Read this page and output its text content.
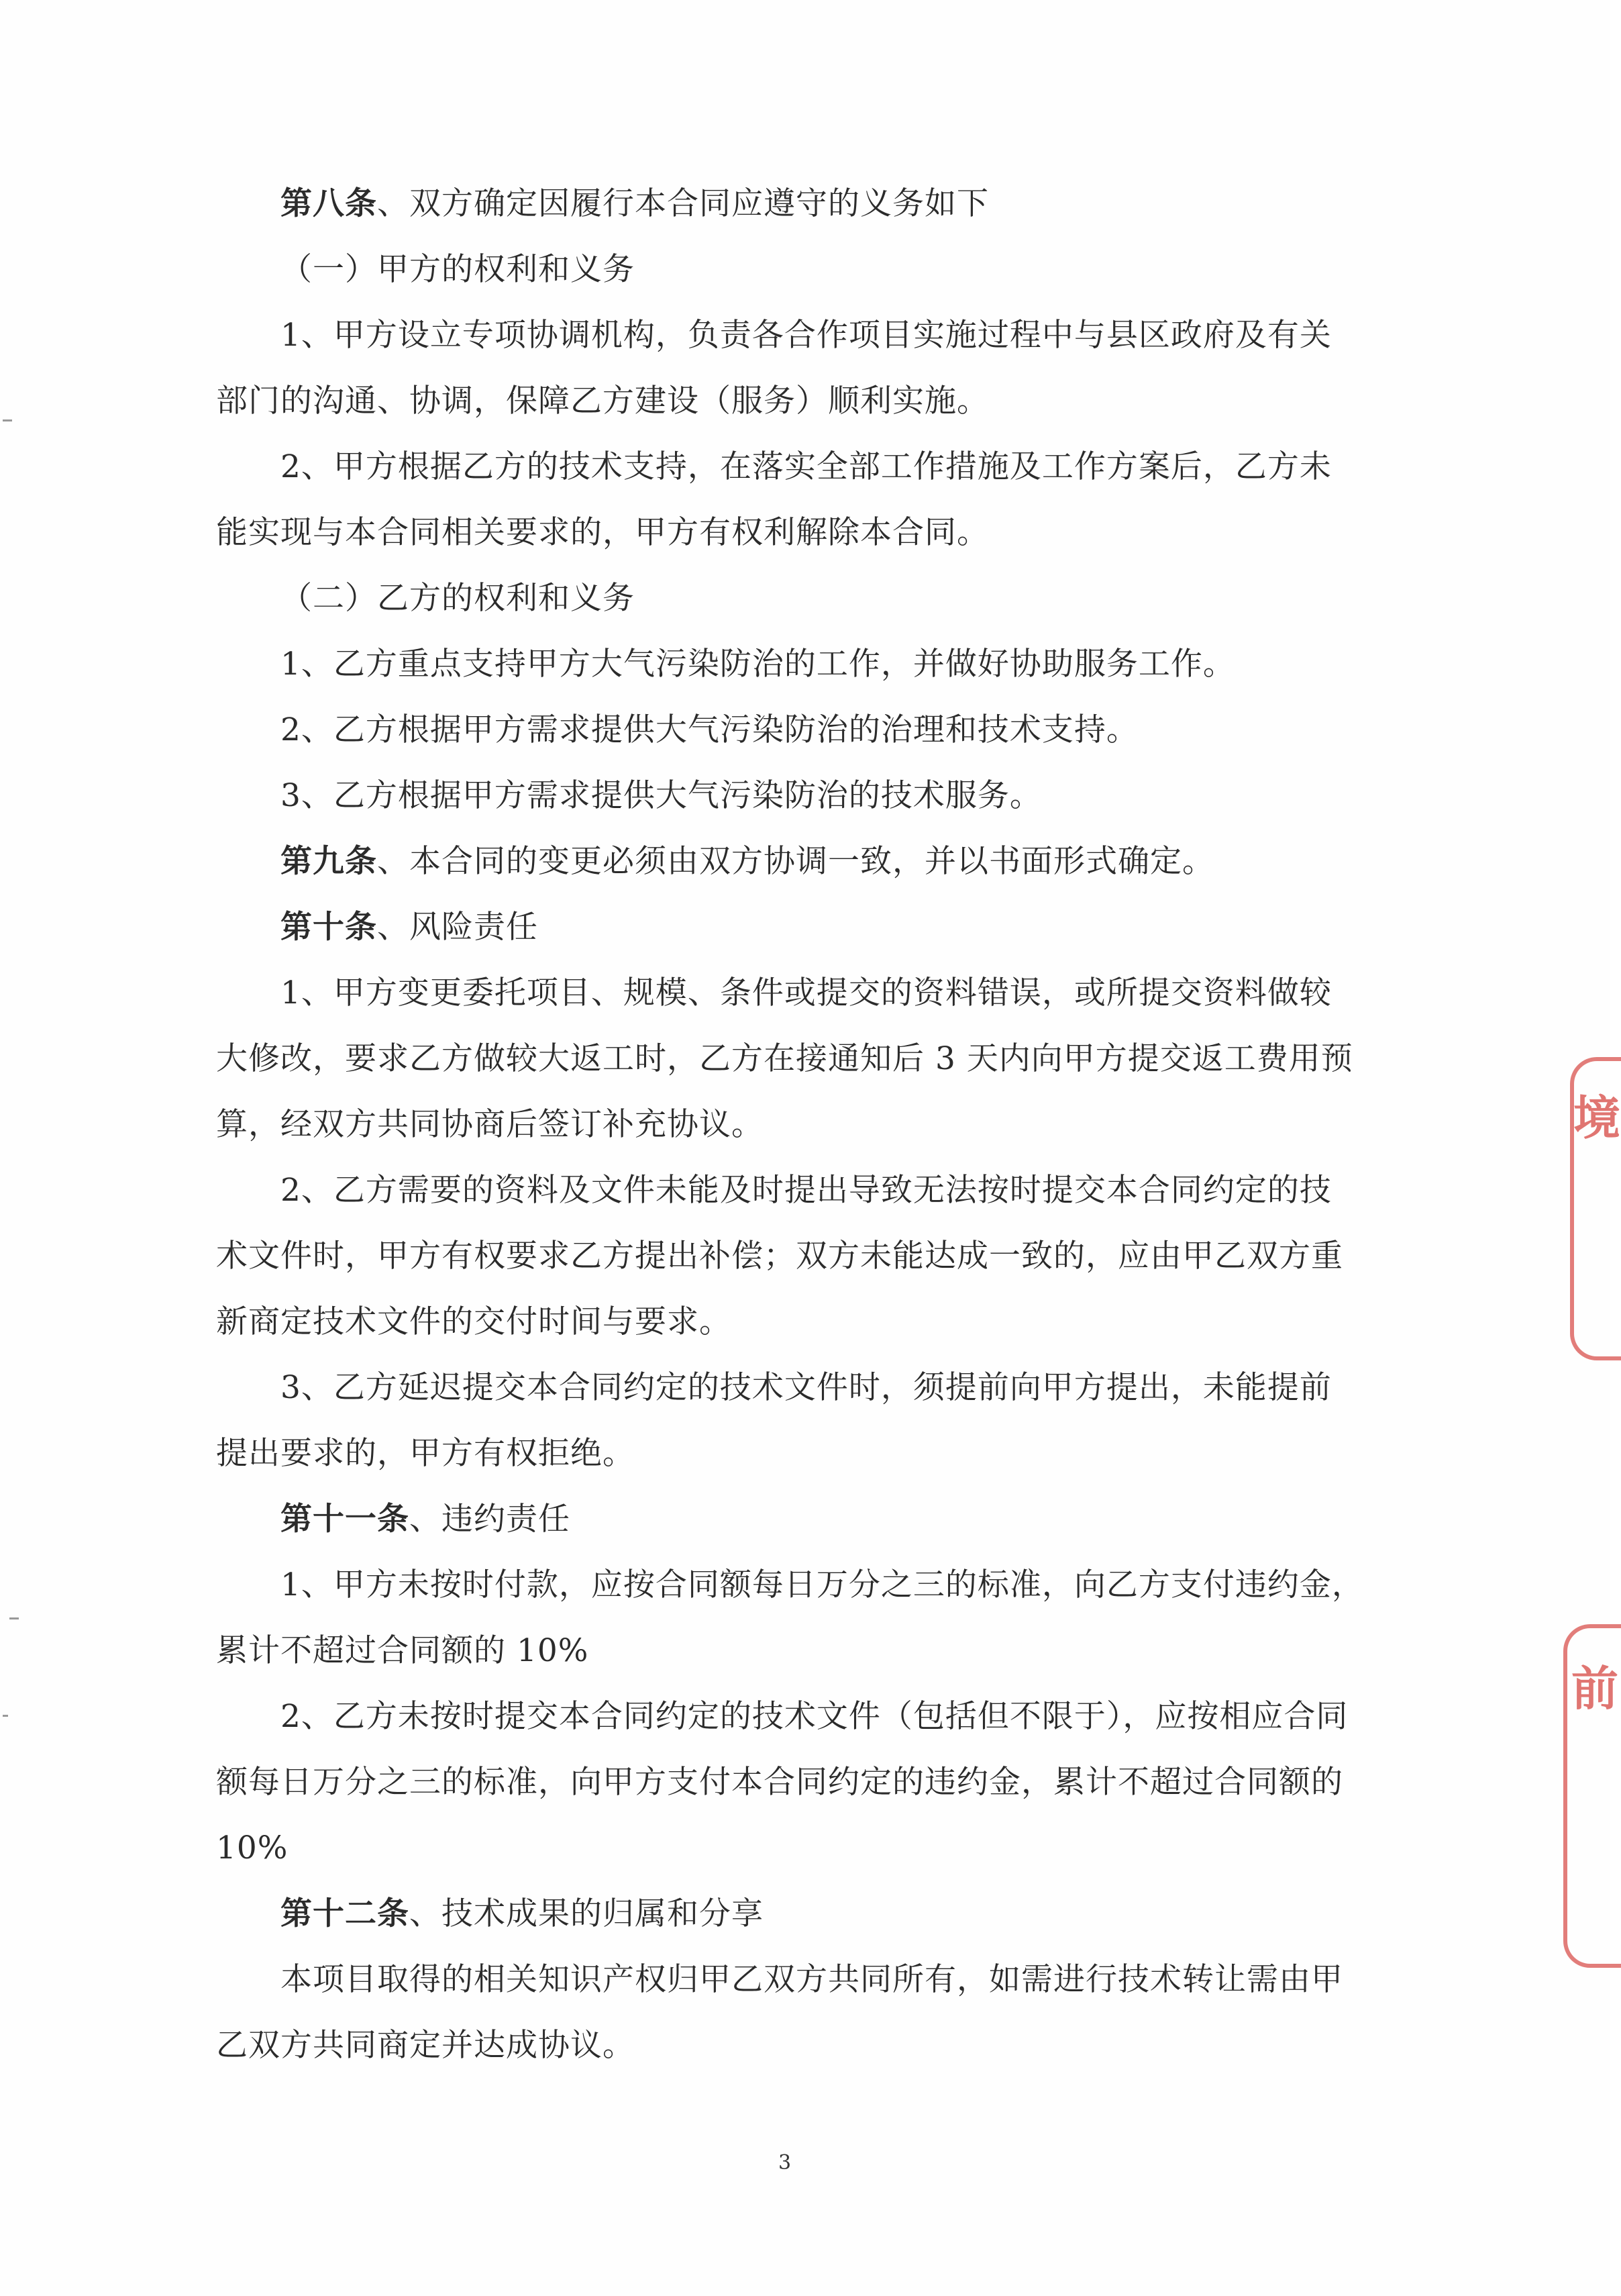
第八条、双方确定因履行本合同应遵守的义务如下
（一）甲方的权利和义务
1、甲方设立专项协调机构，负责各合作项目实施过程中与县区政府及有关
部门的沟通、协调，保障乙方建设（服务）顺利实施。
2、甲方根据乙方的技术支持，在落实全部工作措施及工作方案后，乙方未
能实现与本合同相关要求的，甲方有权利解除本合同。
（二）乙方的权利和义务
1、乙方重点支持甲方大气污染防治的工作，并做好协助服务工作。
2、乙方根据甲方需求提供大气污染防治的治理和技术支持。
3、乙方根据甲方需求提供大气污染防治的技术服务。
第九条、本合同的变更必须由双方协调一致，并以书面形式确定。
第十条、风险责任
1、甲方变更委托项目、规模、条件或提交的资料错误，或所提交资料做较
大修改，要求乙方做较大返工时，乙方在接通知后 3 天内向甲方提交返工费用预
算，经双方共同协商后签订补充协议。
2、乙方需要的资料及文件未能及时提出导致无法按时提交本合同约定的技
术文件时，甲方有权要求乙方提出补偿；双方未能达成一致的，应由甲乙双方重
新商定技术文件的交付时间与要求。
3、乙方延迟提交本合同约定的技术文件时，须提前向甲方提出，未能提前
提出要求的，甲方有权拒绝。
第十一条、违约责任
1、甲方未按时付款，应按合同额每日万分之三的标准，向乙方支付违约金，
累计不超过合同额的 10%
2、乙方未按时提交本合同约定的技术文件（包括但不限于），应按相应合同
额每日万分之三的标准，向甲方支付本合同约定的违约金，累计不超过合同额的
10%
第十二条、技术成果的归属和分享
本项目取得的相关知识产权归甲乙双方共同所有，如需进行技术转让需由甲
乙双方共同商定并达成协议。
3
境
前
